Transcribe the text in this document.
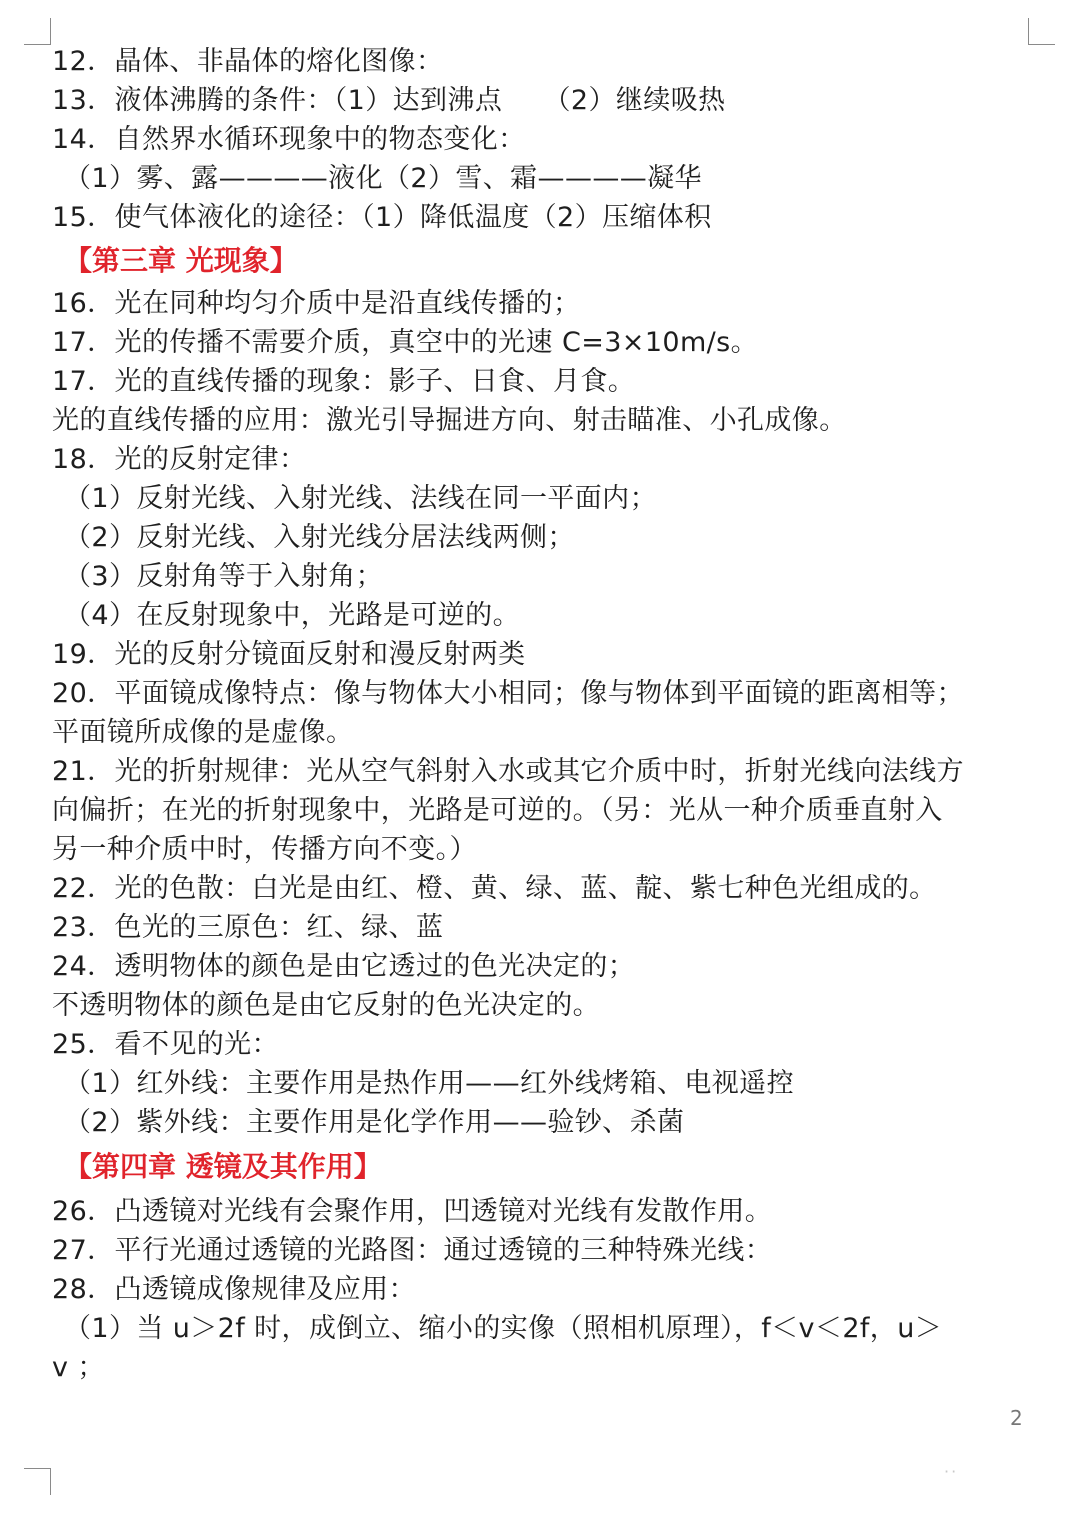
12．晶体、非晶体的熔化图像：
13．液体沸腾的条件：（1）达到沸点　　（2）继续吸热
14．自然界水循环现象中的物态变化：
（1）雾、露————液化（2）雪、霜————凝华
15．使气体液化的途径：（1）降低温度（2）压缩体积
【第三章 光现象】
16．光在同种均匀介质中是沿直线传播的；
17．光的传播不需要介质，真空中的光速 C=3×10m/s。
17．光的直线传播的现象：影子、日食、月食。
光的直线传播的应用：激光引导掘进方向、射击瞄准、小孔成像。
18．光的反射定律：
（1）反射光线、入射光线、法线在同一平面内；
（2）反射光线、入射光线分居法线两侧；
（3）反射角等于入射角；
（4）在反射现象中，光路是可逆的。
19．光的反射分镜面反射和漫反射两类
20．平面镜成像特点：像与物体大小相同；像与物体到平面镜的距离相等；
平面镜所成像的是虚像。
21．光的折射规律：光从空气斜射入水或其它介质中时，折射光线向法线方
向偏折；在光的折射现象中，光路是可逆的。（另：光从一种介质垂直射入
另一种介质中时，传播方向不变。）
22．光的色散：白光是由红、橙、黄、绿、蓝、靛、紫七种色光组成的。
23．色光的三原色：红、绿、蓝
24．透明物体的颜色是由它透过的色光决定的；
不透明物体的颜色是由它反射的色光决定的。
25．看不见的光：
（1）红外线：主要作用是热作用——红外线烤箱、电视遥控
（2）紫外线：主要作用是化学作用——验钞、杀菌
【第四章 透镜及其作用】
26．凸透镜对光线有会聚作用，凹透镜对光线有发散作用。
27．平行光通过透镜的光路图：通过透镜的三种特殊光线：
28．凸透镜成像规律及应用：
（1）当 u＞2f 时，成倒立、缩小的实像（照相机原理），f＜v＜2f，u＞
v ；
2
··
